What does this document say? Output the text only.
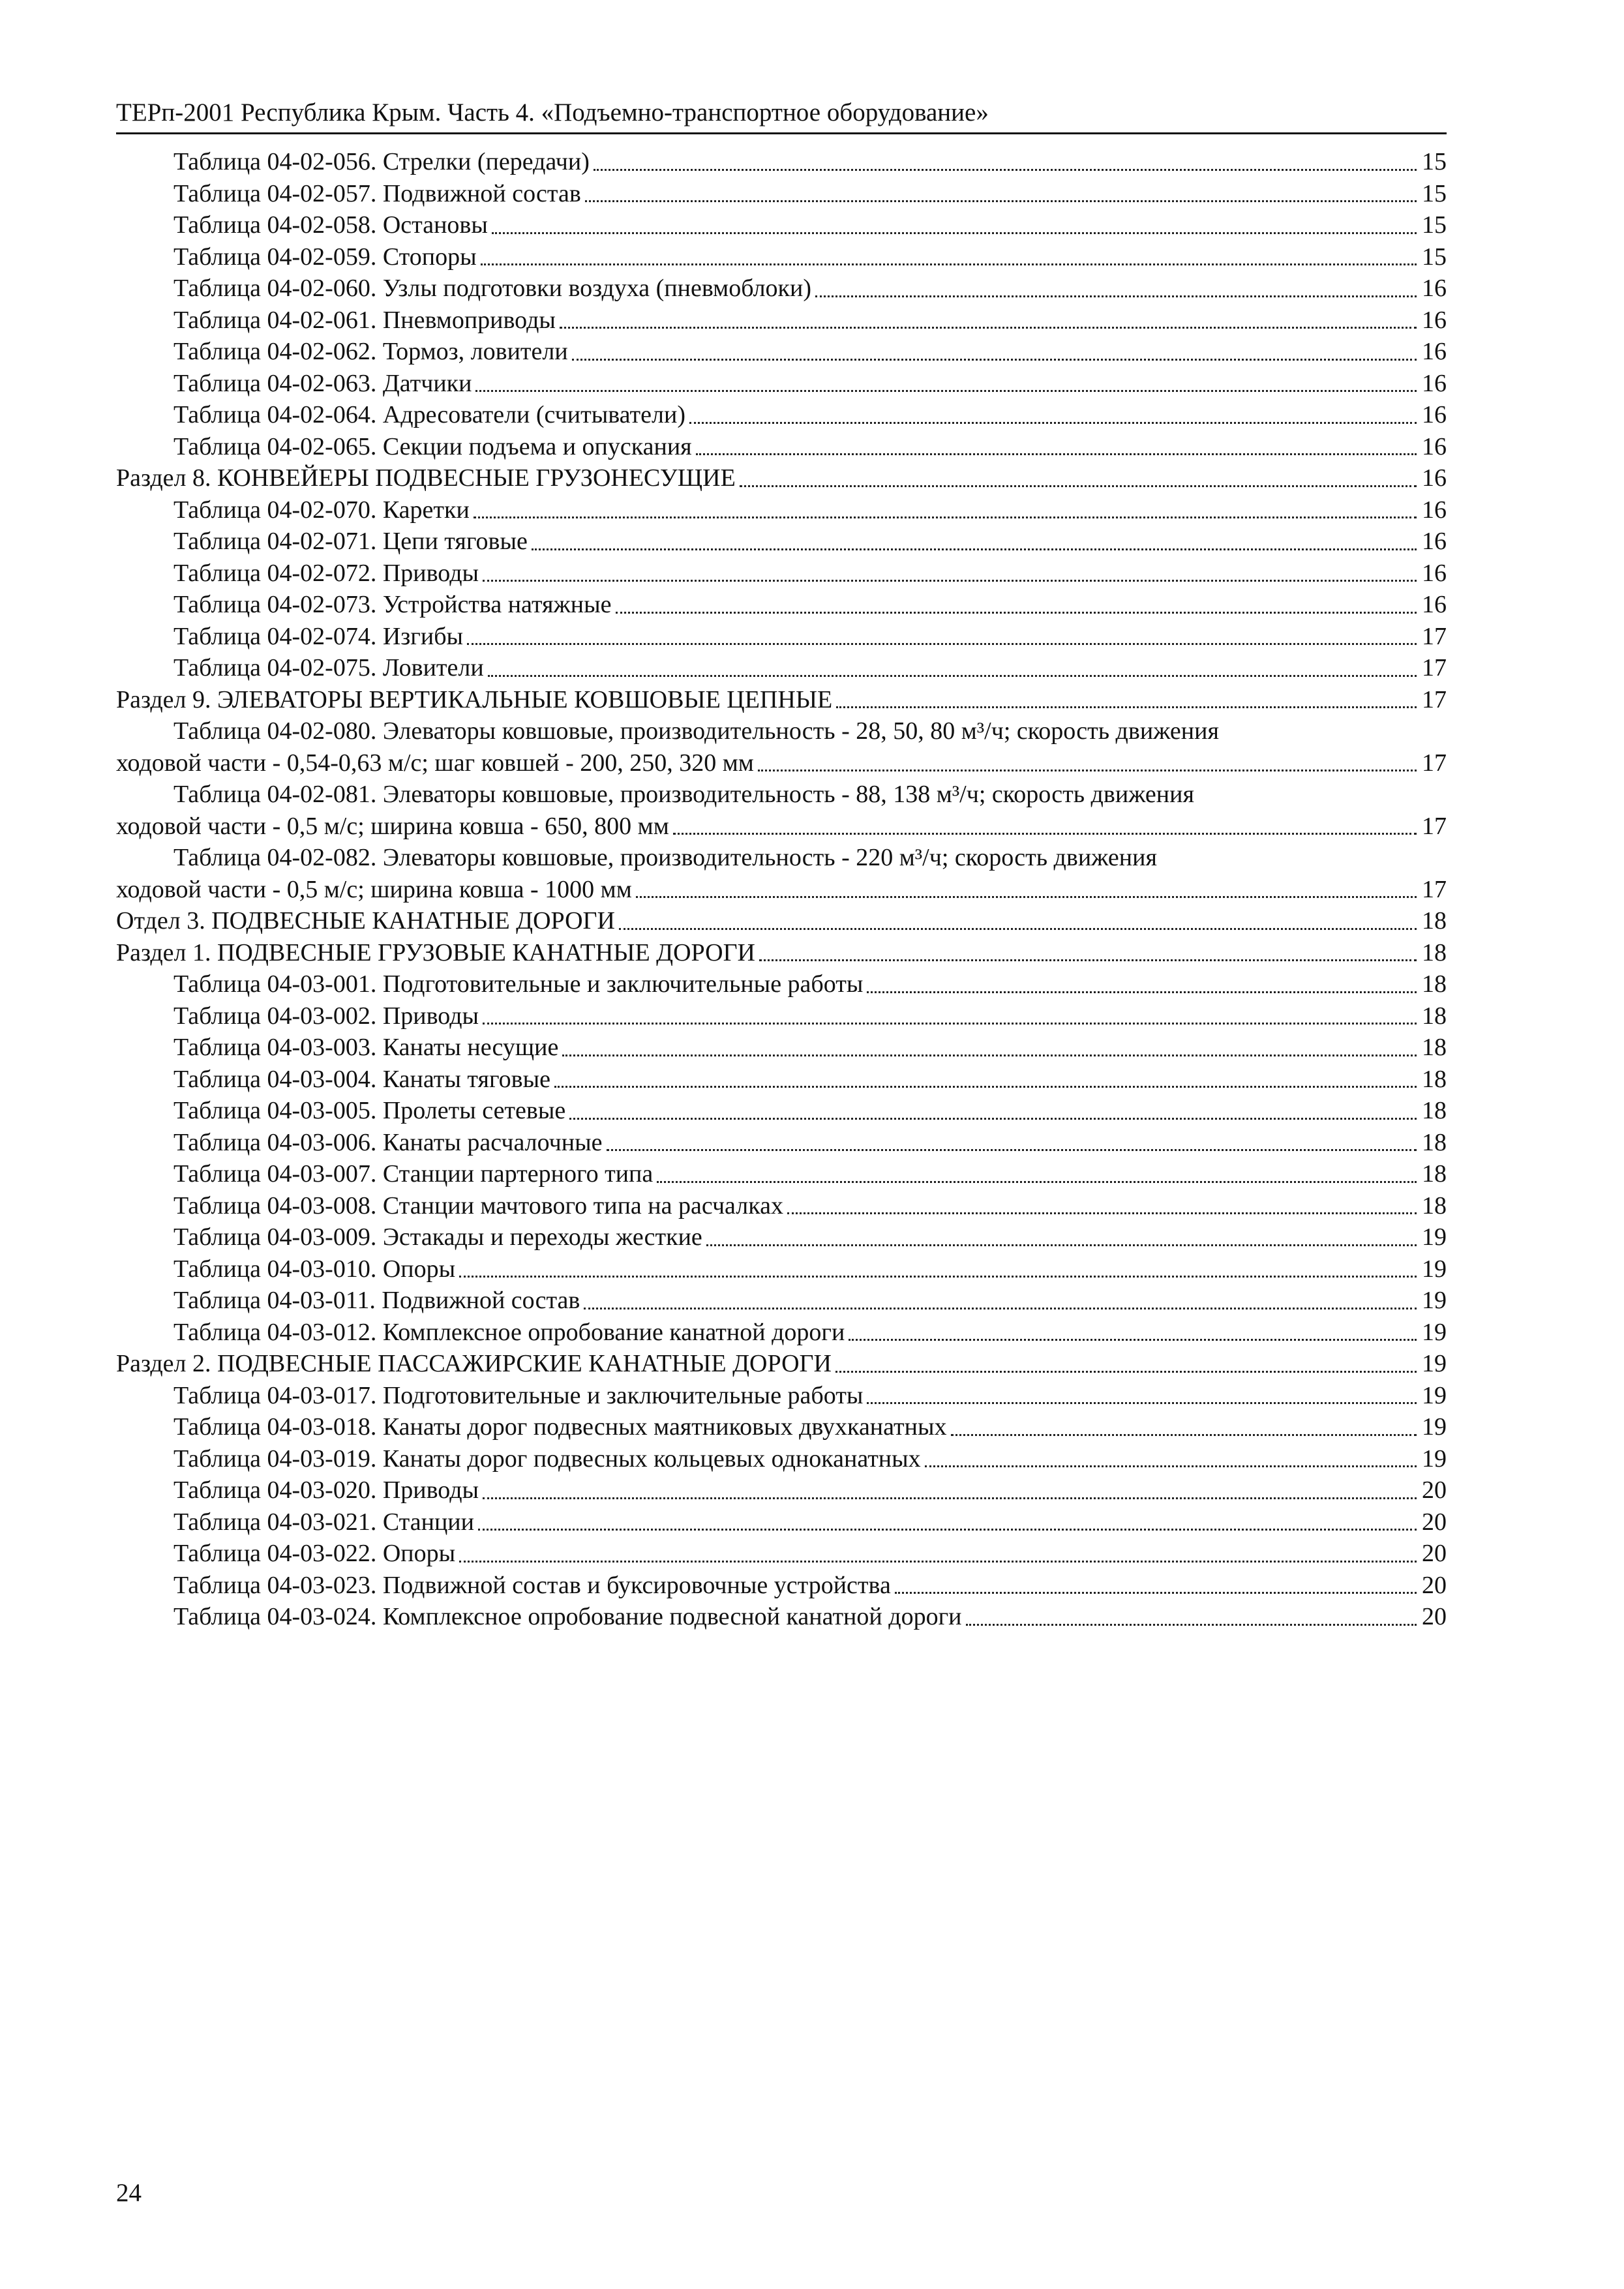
ТЕРп-2001 Республика Крым. Часть 4. «Подъемно-транспортное оборудование»
Таблица 04-02-056. Стрелки (передачи)	15
Таблица 04-02-057. Подвижной состав	15
Таблица 04-02-058. Остановы	15
Таблица 04-02-059. Стопоры	15
Таблица 04-02-060. Узлы подготовки воздуха (пневмоблоки)	16
Таблица 04-02-061. Пневмоприводы	16
Таблица 04-02-062. Тормоз, ловители	16
Таблица 04-02-063. Датчики	16
Таблица 04-02-064. Адресователи (считыватели)	16
Таблица 04-02-065. Секции подъема и опускания	16
Раздел 8. КОНВЕЙЕРЫ ПОДВЕСНЫЕ ГРУЗОНЕСУЩИЕ	16
Таблица 04-02-070. Каретки	16
Таблица 04-02-071. Цепи тяговые	16
Таблица 04-02-072. Приводы	16
Таблица 04-02-073. Устройства натяжные	16
Таблица 04-02-074. Изгибы	17
Таблица 04-02-075. Ловители	17
Раздел 9. ЭЛЕВАТОРЫ ВЕРТИКАЛЬНЫЕ КОВШОВЫЕ ЦЕПНЫЕ	17
Таблица 04-02-080. Элеваторы ковшовые, производительность - 28, 50, 80 м³/ч; скорость движения
ходовой части - 0,54-0,63 м/с; шаг ковшей - 200, 250, 320 мм	17
Таблица 04-02-081. Элеваторы ковшовые, производительность - 88, 138 м³/ч; скорость движения
ходовой части - 0,5 м/с; ширина ковша - 650, 800 мм	17
Таблица 04-02-082. Элеваторы ковшовые, производительность - 220 м³/ч; скорость движения
ходовой части - 0,5 м/с; ширина ковша - 1000 мм	17
Отдел 3. ПОДВЕСНЫЕ КАНАТНЫЕ ДОРОГИ	18
Раздел 1. ПОДВЕСНЫЕ ГРУЗОВЫЕ КАНАТНЫЕ ДОРОГИ	18
Таблица 04-03-001. Подготовительные и заключительные работы	18
Таблица 04-03-002. Приводы	18
Таблица 04-03-003. Канаты несущие	18
Таблица 04-03-004. Канаты тяговые	18
Таблица 04-03-005. Пролеты сетевые	18
Таблица 04-03-006. Канаты расчалочные	18
Таблица 04-03-007. Станции партерного типа	18
Таблица 04-03-008. Станции мачтового типа на расчалках	18
Таблица 04-03-009. Эстакады и переходы жесткие	19
Таблица 04-03-010. Опоры	19
Таблица 04-03-011. Подвижной состав	19
Таблица 04-03-012. Комплексное опробование канатной дороги	19
Раздел 2. ПОДВЕСНЫЕ ПАССАЖИРСКИЕ КАНАТНЫЕ ДОРОГИ	19
Таблица 04-03-017. Подготовительные и заключительные работы	19
Таблица 04-03-018. Канаты дорог подвесных маятниковых двухканатных	19
Таблица 04-03-019. Канаты дорог подвесных кольцевых одноканатных	19
Таблица 04-03-020. Приводы	20
Таблица 04-03-021. Станции	20
Таблица 04-03-022. Опоры	20
Таблица 04-03-023. Подвижной состав и буксировочные устройства	20
Таблица 04-03-024. Комплексное опробование подвесной канатной дороги	20
24
